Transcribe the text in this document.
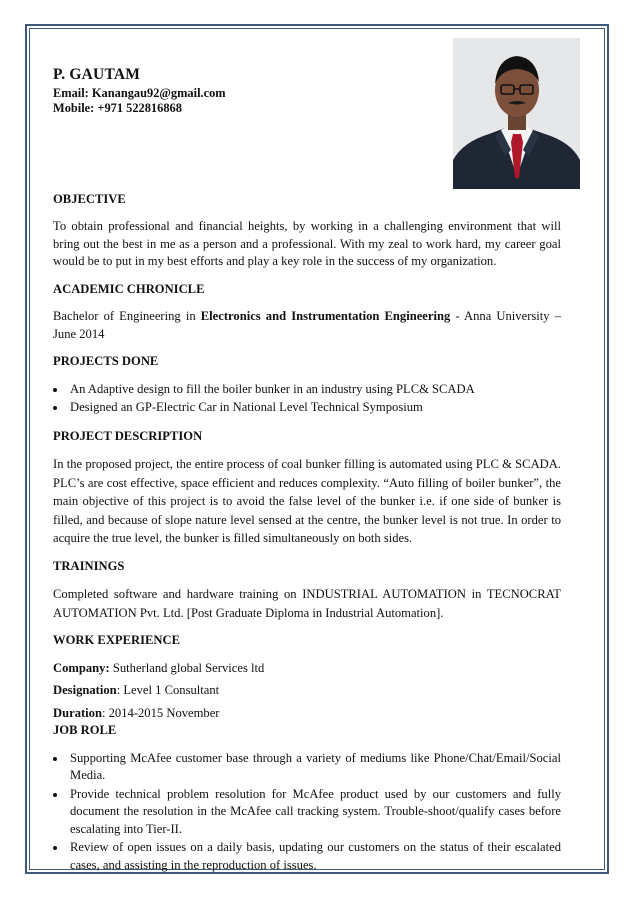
P. GAUTAM
Email: Kanangau92@gmail.com
Mobile: +971 522816868
OBJECTIVE

To obtain professional and financial heights, by working in a challenging environment that will bring out the best in me as a person and a professional. With my zeal to work hard, my career goal would be to put in my best efforts and play a key role in the success of my organization.

ACADEMIC CHRONICLE

Bachelor of Engineering in Electronics and Instrumentation Engineering - Anna University – June 2014

PROJECTS DONE
• An Adaptive design to fill the boiler bunker in an industry using PLC& SCADA
• Designed an GP-Electric Car in National Level Technical Symposium
PROJECT DESCRIPTION

In the proposed project, the entire process of coal bunker filling is automated using PLC & SCADA. PLC’s are cost effective, space efficient and reduces complexity. “Auto filling of boiler bunker”, the main objective of this project is to avoid the false level of the bunker i.e. if one side of bunker is filled, and because of slope nature level sensed at the centre, the bunker level is not true. In order to acquire the true level, the bunker is filled simultaneously on both sides.

TRAININGS

Completed software and hardware training on INDUSTRIAL AUTOMATION in TECNOCRAT AUTOMATION Pvt. Ltd. [Post Graduate Diploma in Industrial Automation].

WORK EXPERIENCE
Company: Sutherland global Services ltd
Designation: Level 1 Consultant
Duration: 2014-2015 November
JOB ROLE
• Supporting McAfee customer base through a variety of mediums like Phone/Chat/Email/Social Media.
• Provide technical problem resolution for McAfee product used by our customers and fully document the resolution in the McAfee call tracking system. Trouble-shoot/qualify cases before escalating into Tier-II.
• Review of open issues on a daily basis, updating our customers on the status of their escalated cases, and assisting in the reproduction of issues.
